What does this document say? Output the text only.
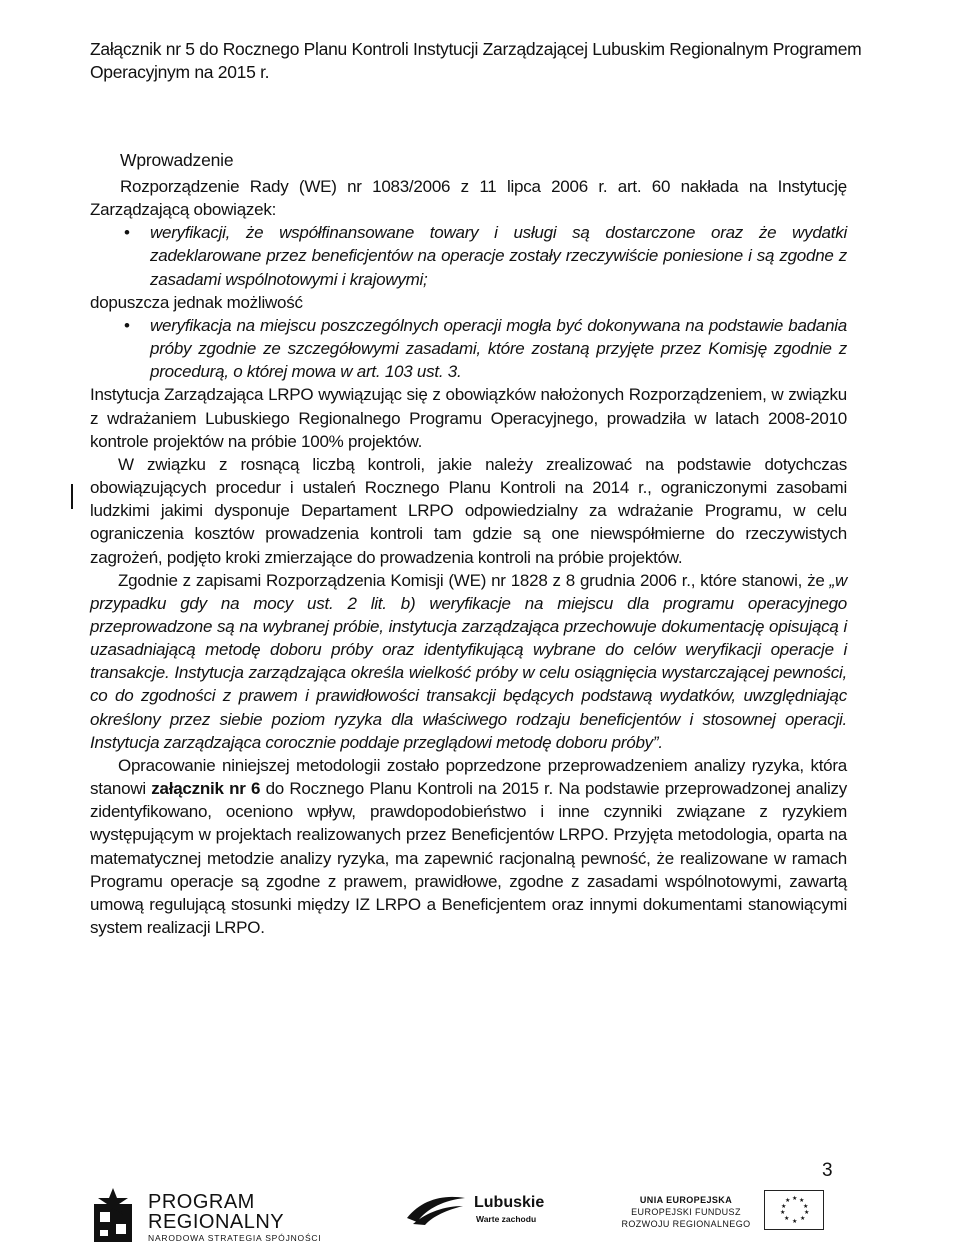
Załącznik nr 5 do Rocznego Planu Kontroli Instytucji Zarządzającej Lubuskim Regionalnym Programem
Operacyjnym na 2015 r.
Wprowadzenie

Rozporządzenie Rady (WE) nr 1083/2006 z 11 lipca 2006 r. art. 60 nakłada na Instytucję Zarządzającą obowiązek:

• weryfikacji, że współfinansowane towary i usługi są dostarczone oraz że wydatki zadeklarowane przez beneficjentów na operacje zostały rzeczywiście poniesione i są zgodne z zasadami wspólnotowymi i krajowymi;

dopuszcza jednak możliwość

• weryfikacja na miejscu poszczególnych operacji mogła być dokonywana na podstawie badania próby zgodnie ze szczegółowymi zasadami, które zostaną przyjęte przez Komisję zgodnie z procedurą, o której mowa w art. 103 ust. 3.

Instytucja Zarządzająca LRPO wywiązując się z obowiązków nałożonych Rozporządzeniem, w związku z wdrażaniem Lubuskiego Regionalnego Programu Operacyjnego, prowadziła w latach 2008-2010 kontrole projektów na próbie 100% projektów.

W związku z rosnącą liczbą kontroli, jakie należy zrealizować na podstawie dotychczas obowiązujących procedur i ustaleń Rocznego Planu Kontroli na 2014 r., ograniczonymi zasobami ludzkimi jakimi dysponuje Departament LRPO odpowiedzialny za wdrażanie Programu, w celu ograniczenia kosztów prowadzenia kontroli tam gdzie są one niewspółmierne do rzeczywistych zagrożeń, podjęto kroki zmierzające do prowadzenia kontroli na próbie projektów.

Zgodnie z zapisami Rozporządzenia Komisji (WE) nr 1828 z 8 grudnia 2006 r., które stanowi, że „w przypadku gdy na mocy ust. 2 lit. b) weryfikacje na miejscu dla programu operacyjnego przeprowadzone są na wybranej próbie, instytucja zarządzająca przechowuje dokumentację opisującą i uzasadniającą metodę doboru próby oraz identyfikującą wybrane do celów weryfikacji operacje i transakcje. Instytucja zarządzająca określa wielkość próby w celu osiągnięcia wystarczającej pewności, co do zgodności z prawem i prawidłowości transakcji będących podstawą wydatków, uwzględniając określony przez siebie poziom ryzyka dla właściwego rodzaju beneficjentów i stosownej operacji. Instytucja zarządzająca corocznie poddaje przeglądowi metodę doboru próby”.

Opracowanie niniejszej metodologii zostało poprzedzone przeprowadzeniem analizy ryzyka, która stanowi załącznik nr 6 do Rocznego Planu Kontroli na 2015 r. Na podstawie przeprowadzonej analizy zidentyfikowano, oceniono wpływ, prawdopodobieństwo i inne czynniki związane z ryzykiem występującym w projektach realizowanych przez Beneficjentów LRPO. Przyjęta metodologia, oparta na matematycznej metodzie analizy ryzyka, ma zapewnić racjonalną pewność, że realizowane w ramach Programu operacje są zgodne z prawem, prawidłowe, zgodne z zasadami wspólnotowymi, zawartą umową regulującą stosunki między IZ LRPO a Beneficjentem oraz innymi dokumentami stanowiącymi system realizacji LRPO.

3
PROGRAM
REGIONALNY
NARODOWA STRATEGIA SPÓJNOŚCI
Lubuskie
Warte zachodu
UNIA EUROPEJSKA
EUROPEJSKI FUNDUSZ
ROZWOJU REGIONALNEGO
★ ★
★
★
★
★
★
★
★
★
